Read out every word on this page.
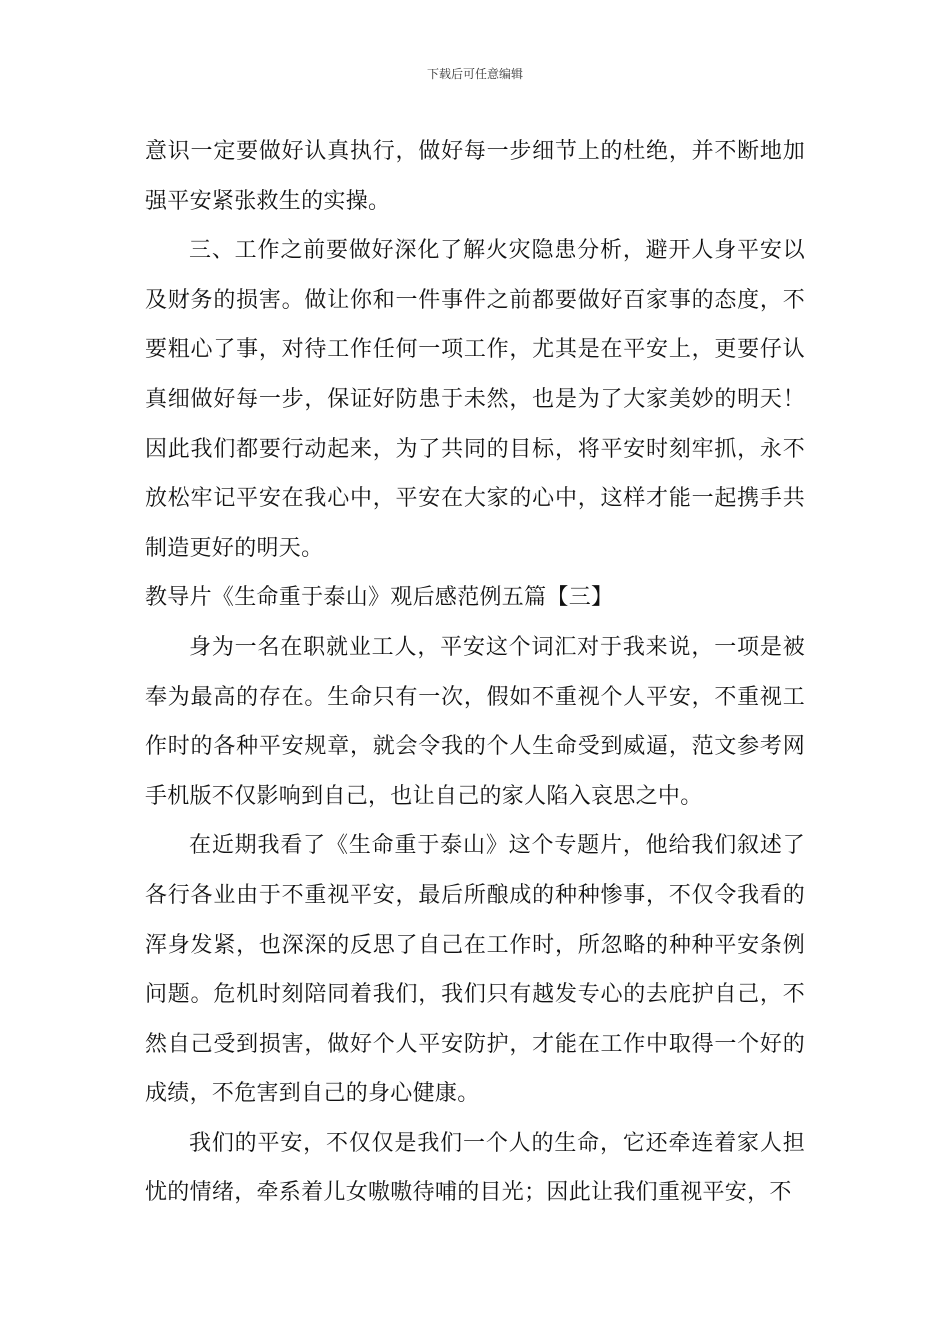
下载后可任意编辑

意识一定要做好认真执行，做好每一步细节上的杜绝，并不断地加强平安紧张救生的实操。

三、工作之前要做好深化了解火灾隐患分析，避开人身平安以及财务的损害。做让你和一件事件之前都要做好百家事的态度，不要粗心了事，对待工作任何一项工作，尤其是在平安上，更要仔认真细做好每一步，保证好防患于未然，也是为了大家美妙的明天！因此我们都要行动起来，为了共同的目标，将平安时刻牢抓，永不放松牢记平安在我心中，平安在大家的心中，这样才能一起携手共制造更好的明天。

教导片《生命重于泰山》观后感范例五篇【三】

身为一名在职就业工人，平安这个词汇对于我来说，一项是被奉为最高的存在。生命只有一次，假如不重视个人平安，不重视工作时的各种平安规章，就会令我的个人生命受到威逼，范文参考网手机版不仅影响到自己，也让自己的家人陷入哀思之中。

在近期我看了《生命重于泰山》这个专题片，他给我们叙述了各行各业由于不重视平安，最后所酿成的种种惨事，不仅令我看的浑身发紧，也深深的反思了自己在工作时，所忽略的种种平安条例问题。危机时刻陪同着我们，我们只有越发专心的去庇护自己，不然自己受到损害，做好个人平安防护，才能在工作中取得一个好的成绩，不危害到自己的身心健康。

我们的平安，不仅仅是我们一个人的生命，它还牵连着家人担忧的情绪，牵系着儿女嗷嗷待哺的目光；因此让我们重视平安，不
